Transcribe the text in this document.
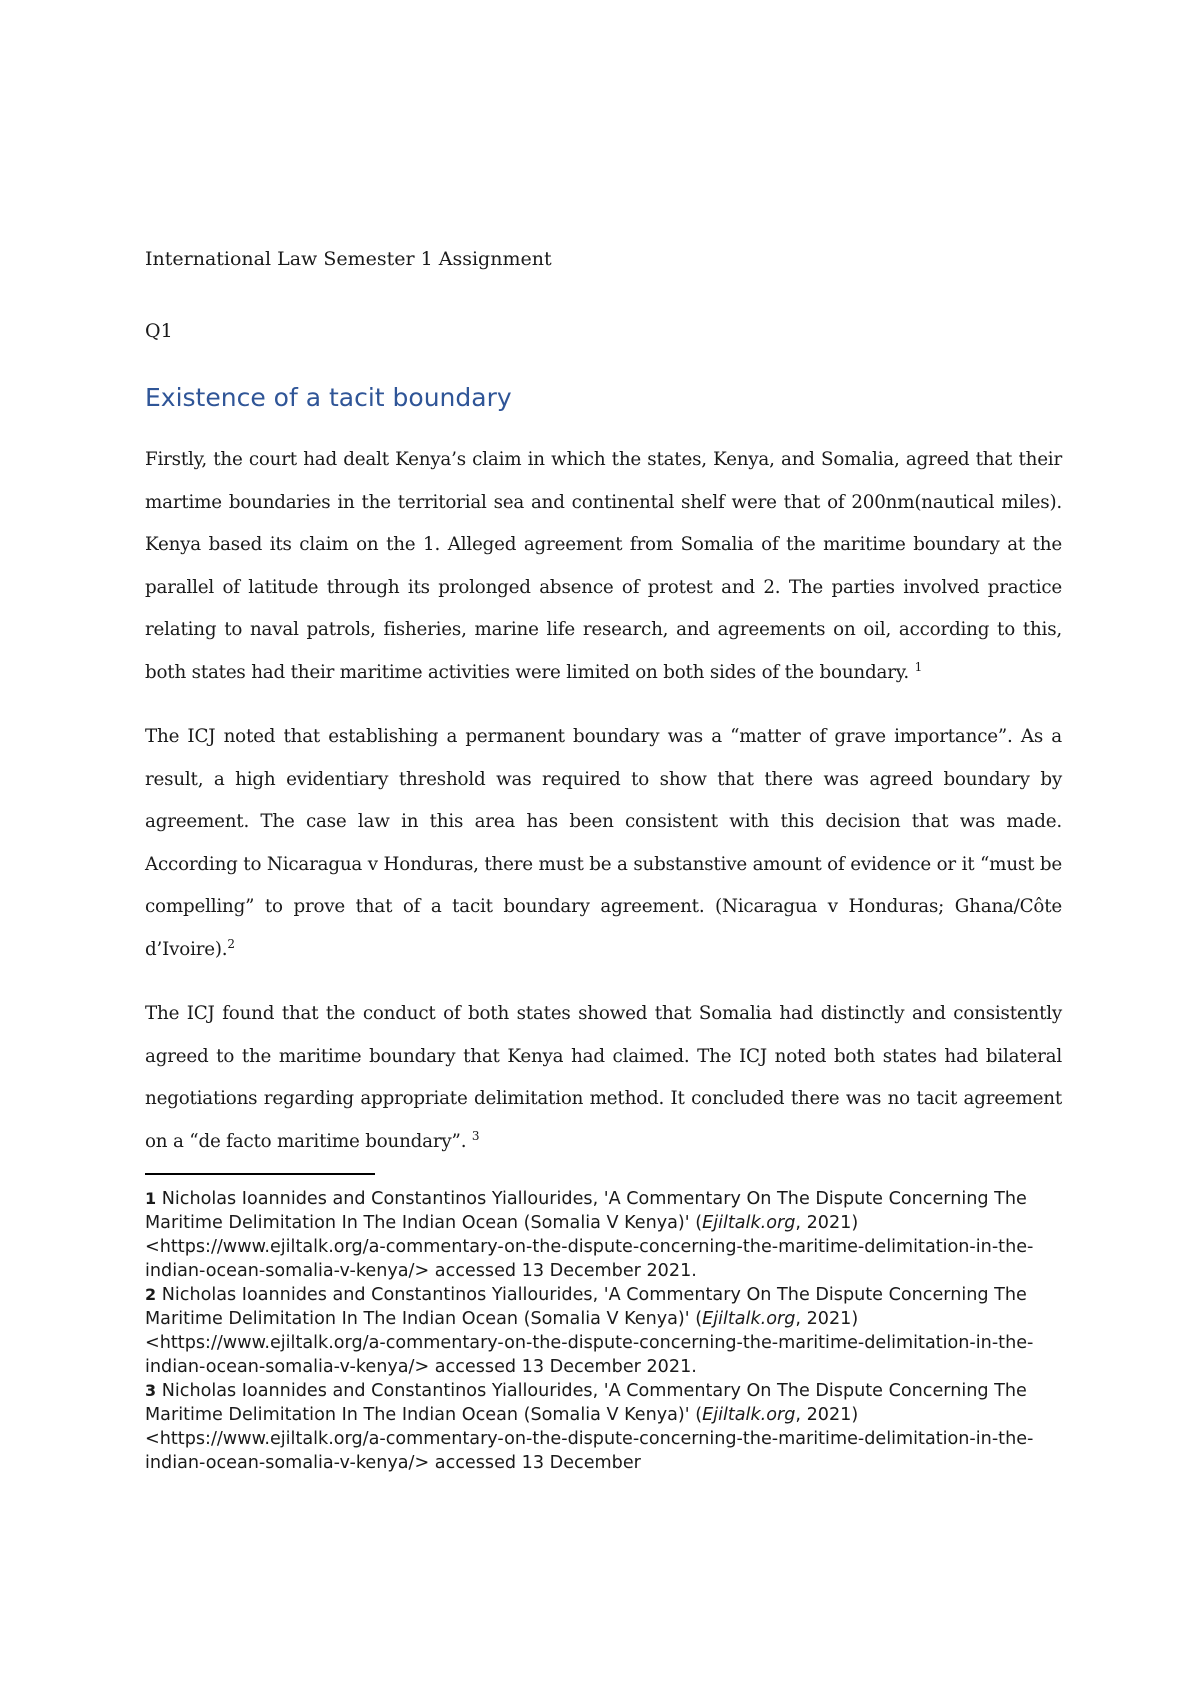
International Law Semester 1 Assignment

Q1

Existence of a tacit boundary

Firstly, the court had dealt Kenya’s claim in which the states, Kenya, and Somalia, agreed that their martime boundaries in the territorial sea and continental shelf were that of 200nm(nautical miles). Kenya based its claim on the 1. Alleged agreement from Somalia of the maritime boundary at the parallel of latitude through its prolonged absence of protest and 2. The parties involved practice relating to naval patrols, fisheries, marine life research, and agreements on oil, according to this, both states had their maritime activities were limited on both sides of the boundary. $^1$

The ICJ noted that establishing a permanent boundary was a “matter of grave importance”. As a result, a high evidentiary threshold was required to show that there was agreed boundary by agreement. The case law in this area has been consistent with this decision that was made. According to Nicaragua v Honduras, there must be a substanstive amount of evidence or it “must be compelling” to prove that of a tacit boundary agreement. (Nicaragua v Honduras; Ghana/Côte d’Ivoire).$^2$

The ICJ found that the conduct of both states showed that Somalia had distinctly and consistently agreed to the maritime boundary that Kenya had claimed. The ICJ noted both states had bilateral negotiations regarding appropriate delimitation method. It concluded there was no tacit agreement on a “de facto maritime boundary”. $^3$

1 Nicholas Ioannides and Constantinos Yiallourides, 'A Commentary On The Dispute Concerning The Maritime Delimitation In The Indian Ocean (Somalia V Kenya)' (Ejiltalk.org, 2021) <https://www.ejiltalk.org/a-commentary-on-the-dispute-concerning-the-maritime-delimitation-in-the-indian-ocean-somalia-v-kenya/> accessed 13 December 2021.

2 Nicholas Ioannides and Constantinos Yiallourides, 'A Commentary On The Dispute Concerning The Maritime Delimitation In The Indian Ocean (Somalia V Kenya)' (Ejiltalk.org, 2021) <https://www.ejiltalk.org/a-commentary-on-the-dispute-concerning-the-maritime-delimitation-in-the-indian-ocean-somalia-v-kenya/> accessed 13 December 2021.

3 Nicholas Ioannides and Constantinos Yiallourides, 'A Commentary On The Dispute Concerning The Maritime Delimitation In The Indian Ocean (Somalia V Kenya)' (Ejiltalk.org, 2021) <https://www.ejiltalk.org/a-commentary-on-the-dispute-concerning-the-maritime-delimitation-in-the-indian-ocean-somalia-v-kenya/> accessed 13 December
